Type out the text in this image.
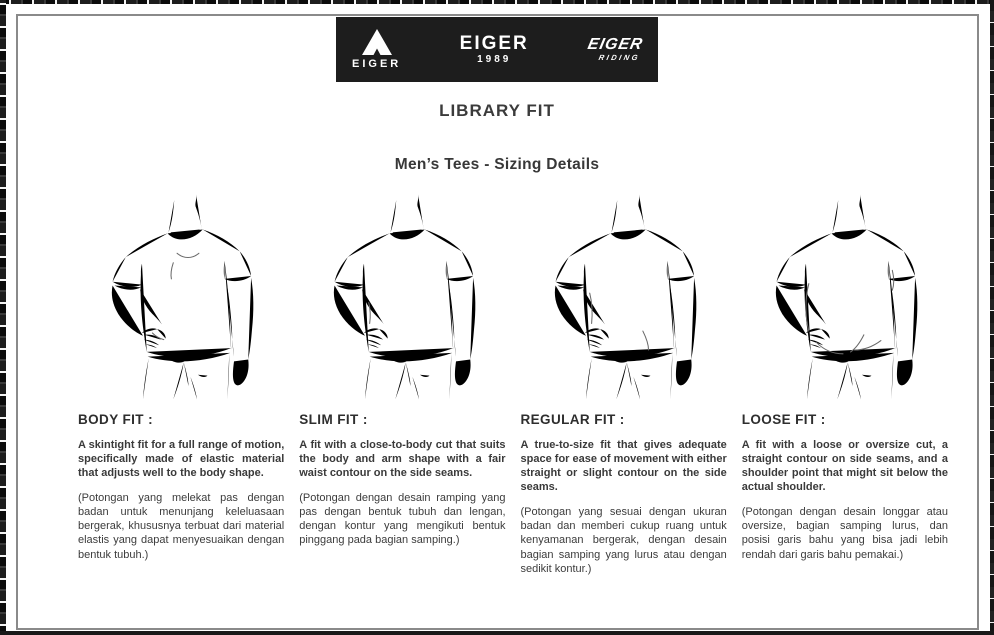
EIGER
EIGER
1989
EIGER
RIDING
LIBRARY FIT
Men’s Tees - Sizing Details
BODY FIT :

A skintight fit for a full range of motion, specifically made of elastic material that adjusts well to the body shape.

(Potongan yang melekat pas dengan badan untuk menunjang keleluasaan bergerak, khususnya terbuat dari material elastis yang dapat menyesuaikan dengan bentuk tubuh.)

SLIM FIT :

A fit with a close-to-body cut that suits the body and arm shape with a fair waist contour on the side seams.

(Potongan dengan desain ramping yang pas dengan bentuk tubuh dan lengan, dengan kontur yang mengikuti bentuk pinggang pada bagian samping.)

REGULAR FIT :

A true-to-size fit that gives adequate space for ease of movement with either straight or slight contour on the side seams.

(Potongan yang sesuai dengan ukuran badan dan memberi cukup ruang untuk kenyamanan bergerak, dengan desain bagian samping yang lurus atau dengan sedikit kontur.)

LOOSE FIT :

A fit with a loose or oversize cut, a straight contour on side seams, and a shoulder point that might sit below the actual shoulder.

(Potongan dengan desain longgar atau oversize, bagian samping lurus, dan posisi garis bahu yang bisa jadi lebih rendah dari garis bahu pemakai.)
